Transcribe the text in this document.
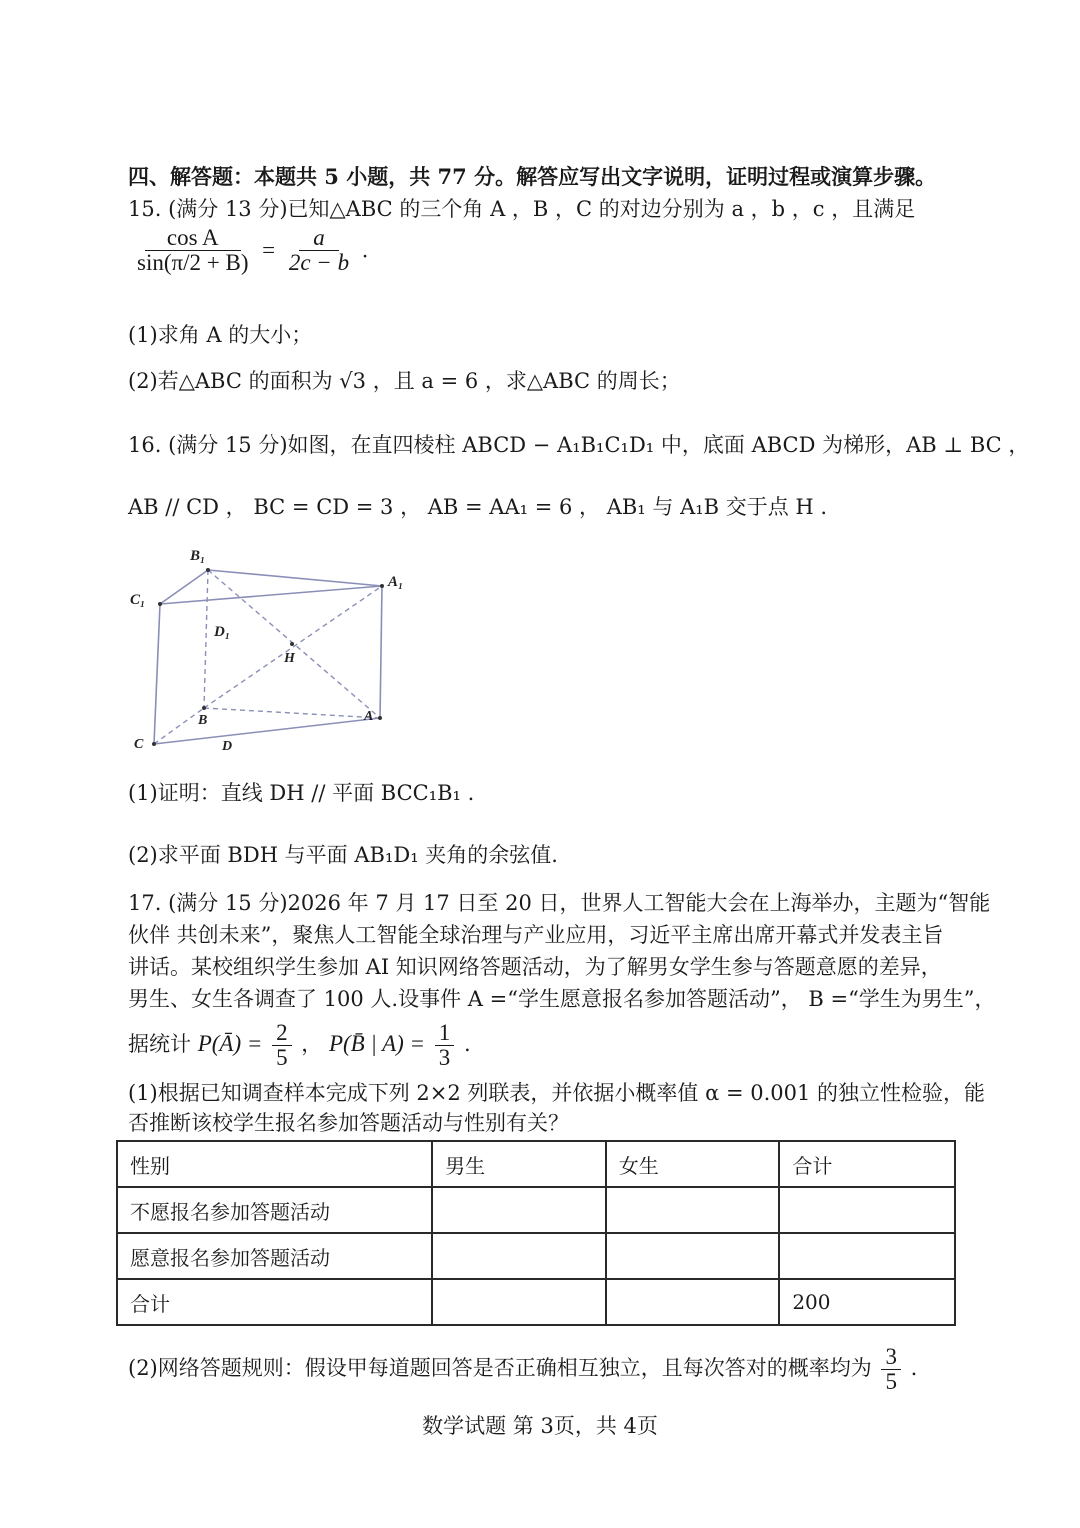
四、解答题：本题共 5 小题，共 77 分。解答应写出文字说明，证明过程或演算步骤。
15. (满分 13 分)已知△ABC 的三个角 A ，B ，C 的对边分别为 a ，b ，c ，且满足
$\frac{\text{cos A}}{\sin(\pi/2 + B)} = \frac{a}{2c - b}$ .
(1)求角 A 的大小；
(2)若△ABC 的面积为 √3 ，且 a = 6 ，求△ABC 的周长；
16. (满分 15 分)如图，在直四棱柱 ABCD − A₁B₁C₁D₁ 中，底面 ABCD 为梯形，AB ⊥ BC ，
AB // CD ， BC = CD = 3 ， AB = AA₁ = 6 ， AB₁ 与 A₁B 交于点 H .
B₁
A₁
C₁
D₁
H
B	A
C	D
(1)证明：直线 DH // 平面 BCC₁B₁ .
(2)求平面 BDH 与平面 AB₁D₁ 夹角的余弦值.
17. (满分 15 分)2026 年 7 月 17 日至 20 日，世界人工智能大会在上海举办，主题为“智能
伙伴 共创未来”，聚焦人工智能全球治理与产业应用，习近平主席出席开幕式并发表主旨
讲话。某校组织学生参加 AI 知识网络答题活动，为了解男女学生参与答题意愿的差异，
男生、女生各调查了 100 人.设事件 A =“学生愿意报名参加答题活动”， B =“学生为男生”，
据统计 P(Ā) = $\frac{2}{5}$ ， P(B̄ | $A) = \frac{1}{3}$ .
(1)根据已知调查样本完成下列 2×2 列联表，并依据小概率值 α = 0.001 的独立性检验，能
否推断该校学生报名参加答题活动与性别有关？
性别	男生	女生	合计
不愿报名参加答题活动			
愿意报名参加答题活动			
合计			200
(2)网络答题规则：假设甲每道题回答是否正确相互独立，且每次答对的概率均为 $\frac{3}{5}$ .
数学试题 第 3页，共 4页
